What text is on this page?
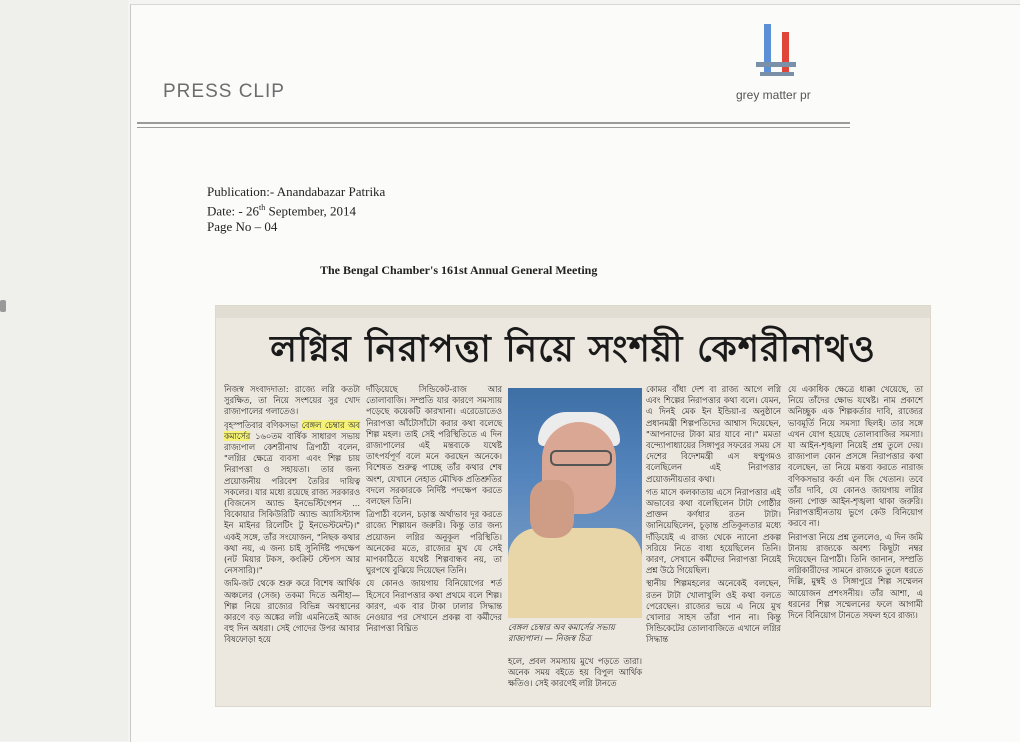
PRESS CLIP	grey matter pr
Publication:- Anandabazar Patrika
Date: - 26th September, 2014
Page No – 04
The Bengal Chamber's 161st Annual General Meeting
লগ্নির নিরাপত্তা নিয়ে সংশয়ী কেশরীনাথও

নিজস্ব সংবাদদাতা: রাজ্যে লগ্নি কতটা সুরক্ষিত, তা নিয়ে সংশয়ের সুর খোদ রাজ্যপালের গলাতেও।

বৃহস্পতিবার বণিকসভা বেঙ্গল চেম্বার অব কমার্সের ১৬০তম বার্ষিক সাধারণ সভায় রাজ্যপাল কেশরীনাথ ত্রিপাঠী বলেন, "লগ্নির ক্ষেত্রে ব্যবসা এবং শিল্প চায় নিরাপত্তা ও সহায়তা। তার জন্য প্রয়োজনীয় পরিবেশ তৈরির দায়িত্ব সকলের। যার মধ্যে রয়েছে রাজ্য সরকারও (বিজনেস অ্যান্ড ইনভেস্টিগেশন ... বিকোয়ার সিকিউরিটি অ্যান্ড অ্যাসিস্ট্যান্স ইন মাইনর রিলেটিং টু ইনভেস্টমেন্ট)।" একই সঙ্গে, তাঁর সংযোজন, "নিছক কথার কথা নয়, এ জন্য চাই সুনির্দিষ্ট পদক্ষেপ (নট মিয়ার টকস, কংক্রিট স্টেপস আর নেসসারি)।"

জমি-জট থেকে শুরু করে বিশেষ আর্থিক অঞ্চলের (সেজ) তকমা দিতে অনীহা— শিল্প নিয়ে রাজ্যের বিভিন্ন অবস্থানের কারণে বড় অঙ্কের লগ্নি এমনিতেই আজ বহু দিন অধরা। সেই গোদের উপর আবার বিষফোড়া হয়ে

দাঁড়িয়েছে সিন্ডিকেট-রাজ আর তোলাবাজি। সম্প্রতি যার কারণে সমস্যায় পড়েছে কয়েকটি কারখানা। এরেডোতেও নিরাপত্তা আঁটোসাঁটো করার কথা বলেছে শিল্প মহল। তাই সেই পরিস্থিতিতে এ দিন রাজ্যপালের এই মন্তব্যকে যথেষ্ট তাৎপর্যপূর্ণ বলে মনে করছেন অনেকে। বিশেষত শুরুত্ব পাচ্ছে তাঁর কথার শেষ অংশ, যেখানে নেহাত মৌখিক প্রতিশ্রুতির বদলে সরকারকে নির্দিষ্ট পদক্ষেপ করতে বলছেন তিনি।

ত্রিপাঠী বলেন, চড়াস্ত অর্থাভাব দূর করতে রাজ্যে শিল্পায়ন জরুরি। কিন্তু তার জন্য প্রয়োজন লগ্নির অনুকূল পরিস্থিতি। অনেকের মতে, রাজ্যের মুখ যে সেই মাপকাঠিতে যথেষ্ট শিল্পবান্ধব নয়, তা ঘুরপথে বুঝিয়ে দিয়েছেন তিনি।

যে কোনও জায়গায় বিনিয়োগের শর্ত হিসেবে নিরাপত্তার কথা প্রথমে বলে শিল্প। কারণ, এক বার টাকা ঢালার সিদ্ধান্ত নেওয়ার পর সেখানে প্রকল্প বা কর্মীদের নিরাপত্তা বিঘ্নিত	বেঙ্গল চেম্বার অব কমার্সের সভায় রাজ্যপাল। — নিজস্ব চিত্র
হলে, প্রবল সমস্যায় মুখে পড়তে তারা। অনেক সময় বইতে হয় বিপুল আর্থিক ক্ষতিও। সেই কারণেই লগ্নি টানতে

কোমর বাঁধা দেশ বা রাজ্য আগে লগ্নি এবং শিল্পের নিরাপত্তার কথা বলে। যেমন, এ দিনই মেক ইন ইন্ডিয়া-র অনুষ্ঠানে প্রধানমন্ত্রী শিল্পপতিদের আশ্বাস দিয়েছেন, "আপনাদের টাকা মার যাবে না।" মমতা বন্দ্যোপাধ্যায়ের সিঙ্গাপুর সফরের সময় সে দেশের বিদেশমন্ত্রী এস ষণ্মুগমও বলেছিলেন এই নিরাপত্তার প্রয়োজনীয়তার কথা।

গত মাসে কলকাতায় এসে নিরাপত্তার এই অভাবের কথা বলেছিলেন টাটা গোষ্ঠীর প্রাক্তন কর্ণধার রতন টাটা। জানিয়েছিলেন, চূড়ান্ত প্রতিকূলতার মধ্যে দাঁড়িয়েই এ রাজ্য থেকে ন্যানো প্রকল্প সরিয়ে নিতে বাধ্য হয়েছিলেন তিনি। কারণ, সেখানে কর্মীদের নিরাপত্তা নিয়েই প্রশ্ন উঠে গিয়েছিল।

স্থানীয় শিল্পমহলের অনেকেই বলছেন, রতন টাটা খোলাখুলি ওই কথা বলতে পেরেছেন। রাজ্যের ভয়ে এ নিয়ে মুখ খোলার সাহস তাঁরা পান না। কিন্তু সিন্ডিকেটের তোলাবাজিতে এখানে লগ্নির সিদ্ধান্ত

যে একাধিক ক্ষেত্রে ধাক্কা খেয়েছে, তা নিয়ে তাঁদের ক্ষোভ যথেষ্ট। নাম প্রকাশে অনিচ্ছুক এক শিল্পকর্তার দাবি, রাজ্যের ভাবমূর্তি নিয়ে সমস্যা ছিলই। তার সঙ্গে এখন যোগ হয়েছে তোলাবাজির সমস্যা। যা আইন-শৃঙ্খলা নিয়েই প্রশ্ন তুলে দেয়। রাজ্যপাল কোন প্রসঙ্গে নিরাপত্তার কথা বলেছেন, তা নিয়ে মন্তব্য করতে নারাজ বণিকসভার কর্তা এন জি খেতান। তবে তাঁর দাবি, যে কোনও জায়গায় লগ্নির জন্য পোক্ত আইন-শৃঙ্খলা থাকা জরুরি। নিরাপত্তাহীনতায় ভুগে কেউ বিনিয়োগ করবে না।

নিরাপত্তা নিয়ে প্রশ্ন তুললেও, এ দিন জমি টানায় রাজ্যকে অবশ্য কিছুটা নম্বর দিয়েছেন ত্রিপাঠী। তিনি জানান, সম্প্রতি লগ্নিকারীদের সামনে রাজ্যকে তুলে ধরতে দিল্লি, মুম্বই ও সিঙ্গাপুরে শিল্প সম্মেলন আয়োজন প্রশংসনীয়। তাঁর আশা, এ ধরনের শিল্প সম্মেলনের ফলে আগামী দিনে বিনিয়োগ টানতে সফল হবে রাজ্য।
